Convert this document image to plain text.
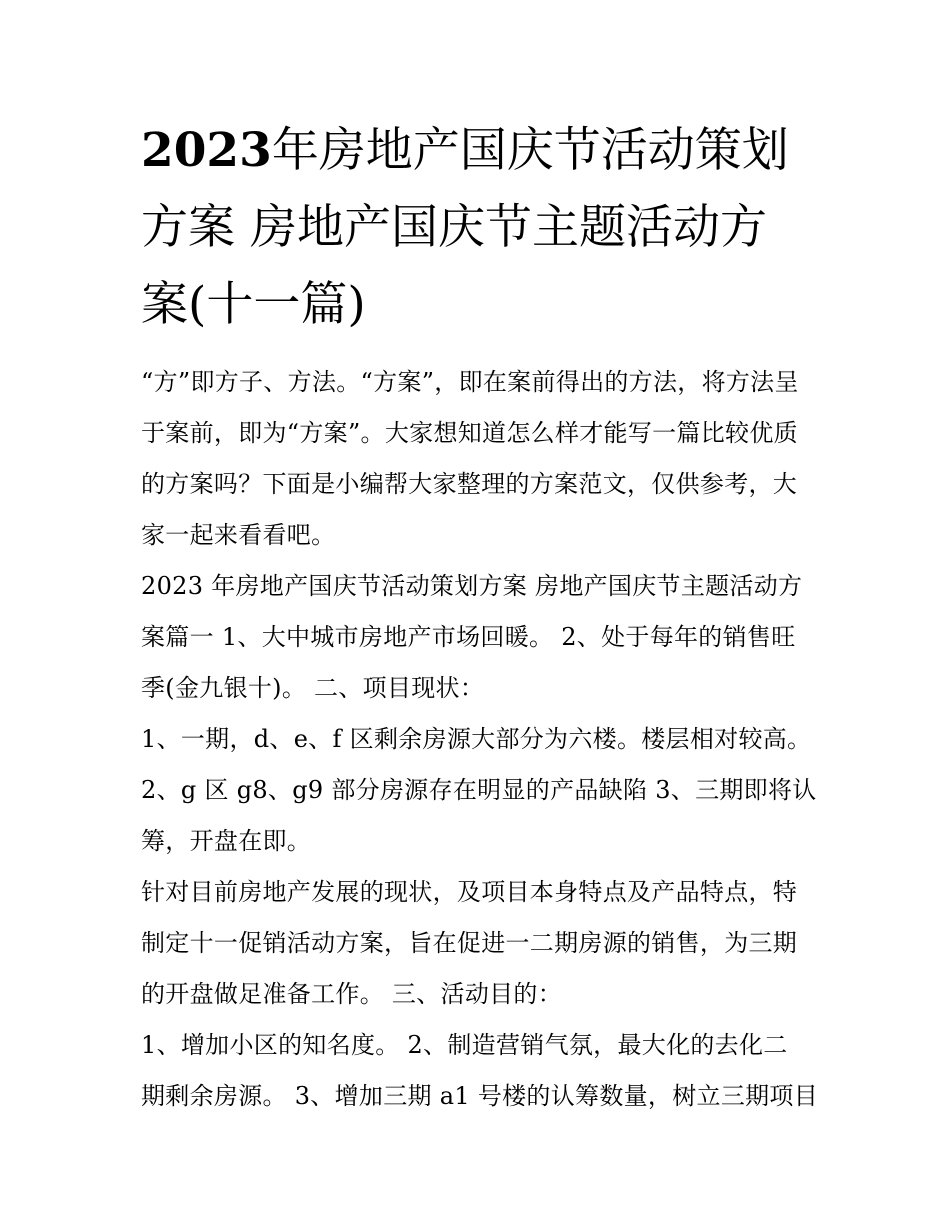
2023年房地产国庆节活动策划
方案 房地产国庆节主题活动方
案(十一篇)

“方”即方子、方法。“方案”，即在案前得出的方法，将方法呈
于案前，即为“方案”。大家想知道怎么样才能写一篇比较优质
的方案吗？下面是小编帮大家整理的方案范文，仅供参考，大
家一起来看看吧。

2023 年房地产国庆节活动策划方案 房地产国庆节主题活动方
案篇一 1、大中城市房地产市场回暖。 2、处于每年的销售旺
季(金九银十)。 二、项目现状：

1、一期，d、e、f 区剩余房源大部分为六楼。楼层相对较高。

2、g 区 g8、g9 部分房源存在明显的产品缺陷 3、三期即将认
筹，开盘在即。

针对目前房地产发展的现状，及项目本身特点及产品特点，特
制定十一促销活动方案，旨在促进一二期房源的销售，为三期
的开盘做足准备工作。 三、活动目的：

1、增加小区的知名度。 2、制造营销气氛，最大化的去化二
期剩余房源。 3、增加三期 a1 号楼的认筹数量，树立三期项目
